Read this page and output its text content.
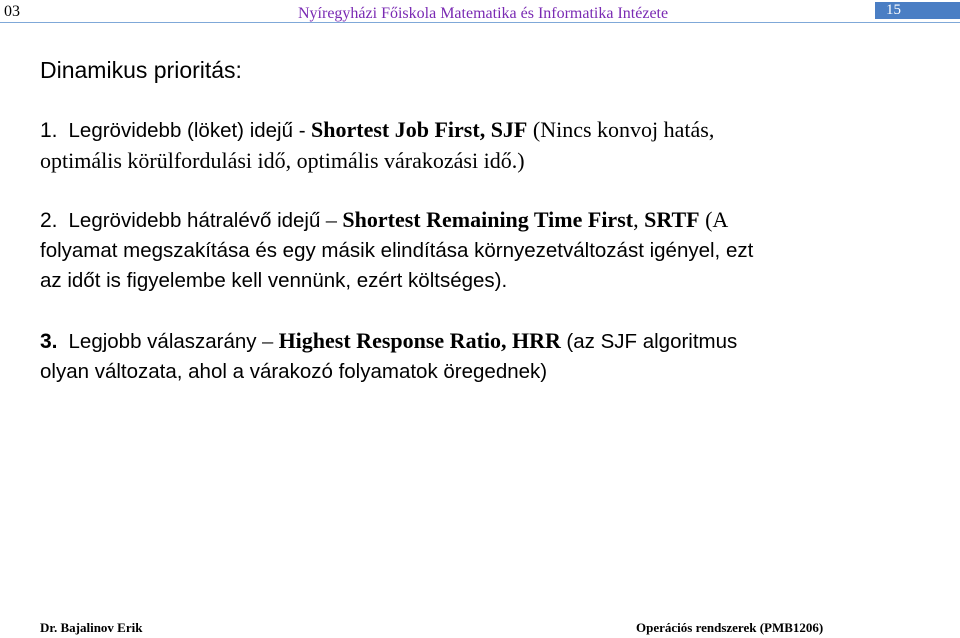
03	Nyíregyházi Főiskola Matematika és Informatika Intézete	15
Dinamikus prioritás:
1. Legrövidebb (löket) idejű - Shortest Job First, SJF (Nincs konvoj hatás,
optimális körülfordulási idő, optimális várakozási idő.)
2. Legrövidebb hátralévő idejű – Shortest Remaining Time First, SRTF (A
folyamat megszakítása és egy másik elindítása környezetváltozást igényel, ezt
az időt is figyelembe kell vennünk, ezért költséges).
3. Legjobb válaszarány – Highest Response Ratio, HRR (az SJF algoritmus
olyan változata, ahol a várakozó folyamatok öregednek)
Dr. Bajalinov Erik	Operációs rendszerek (PMB1206)
